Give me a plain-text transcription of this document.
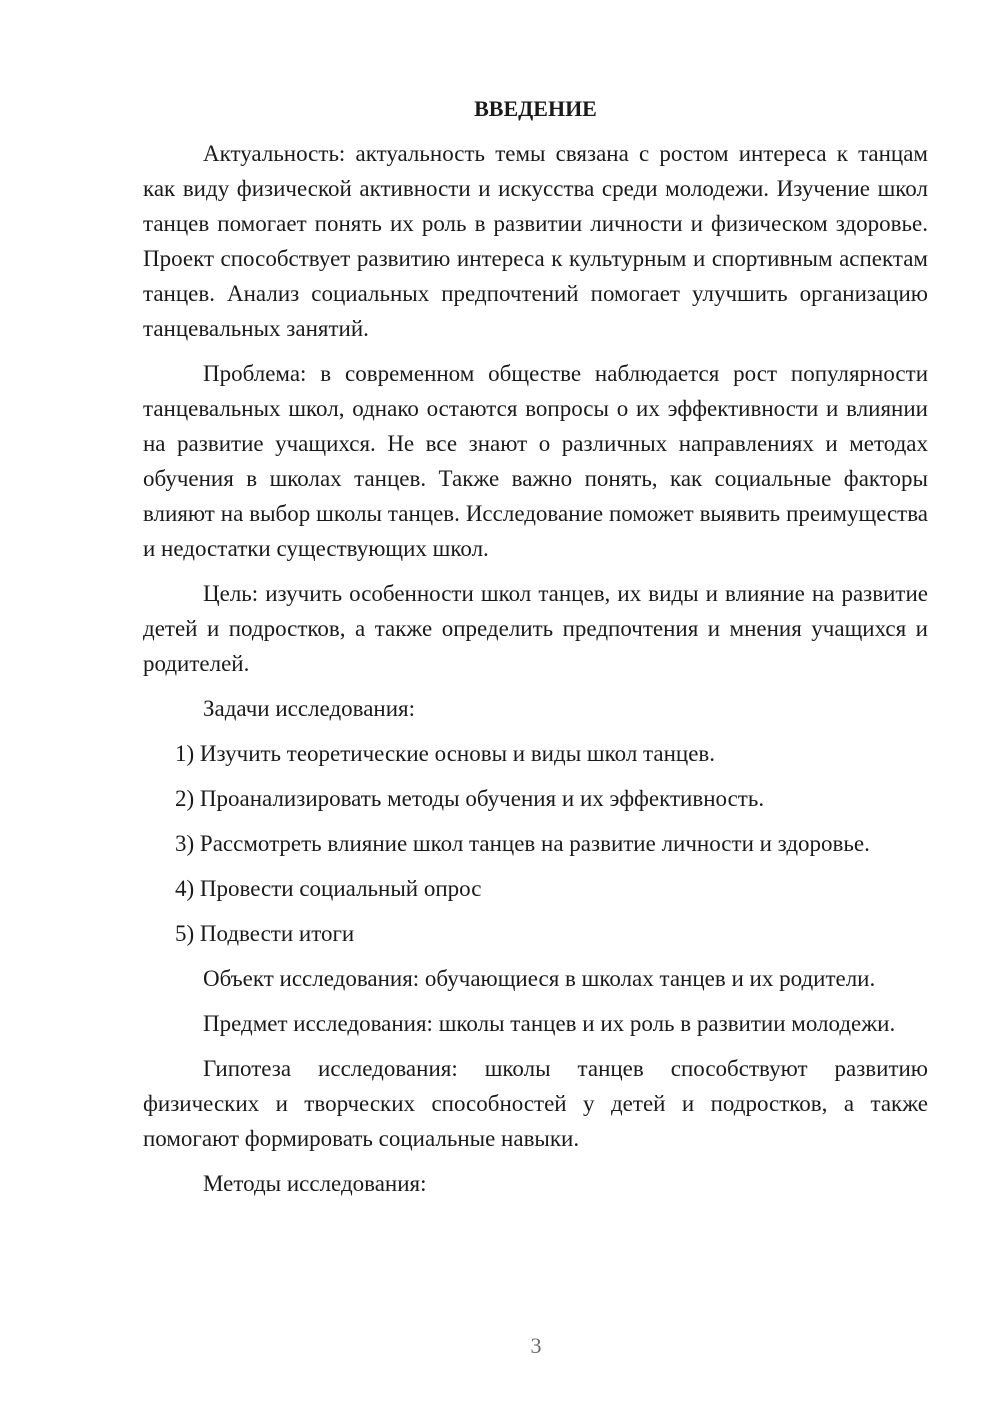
ВВЕДЕНИЕ

Актуальность: актуальность темы связана с ростом интереса к танцам как виду физической активности и искусства среди молодежи. Изучение школ танцев помогает понять их роль в развитии личности и физическом здоровье. Проект способствует развитию интереса к культурным и спортивным аспектам танцев. Анализ социальных предпочтений помогает улучшить организацию танцевальных занятий.

Проблема: в современном обществе наблюдается рост популярности танцевальных школ, однако остаются вопросы о их эффективности и влиянии на развитие учащихся. Не все знают о различных направлениях и методах обучения в школах танцев. Также важно понять, как социальные факторы влияют на выбор школы танцев. Исследование поможет выявить преимущества и недостатки существующих школ.

Цель: изучить особенности школ танцев, их виды и влияние на развитие детей и подростков, а также определить предпочтения и мнения учащихся и родителей.

Задачи исследования:

1) Изучить теоретические основы и виды школ танцев.
2) Проанализировать методы обучения и их эффективность.
3) Рассмотреть влияние школ танцев на развитие личности и здоровье.
4) Провести социальный опрос
5) Подвести итоги

Объект исследования: обучающиеся в школах танцев и их родители.

Предмет исследования: школы танцев и их роль в развитии молодежи.

Гипотеза исследования: школы танцев способствуют развитию физических и творческих способностей у детей и подростков, а также помогают формировать социальные навыки.

Методы исследования:

3
